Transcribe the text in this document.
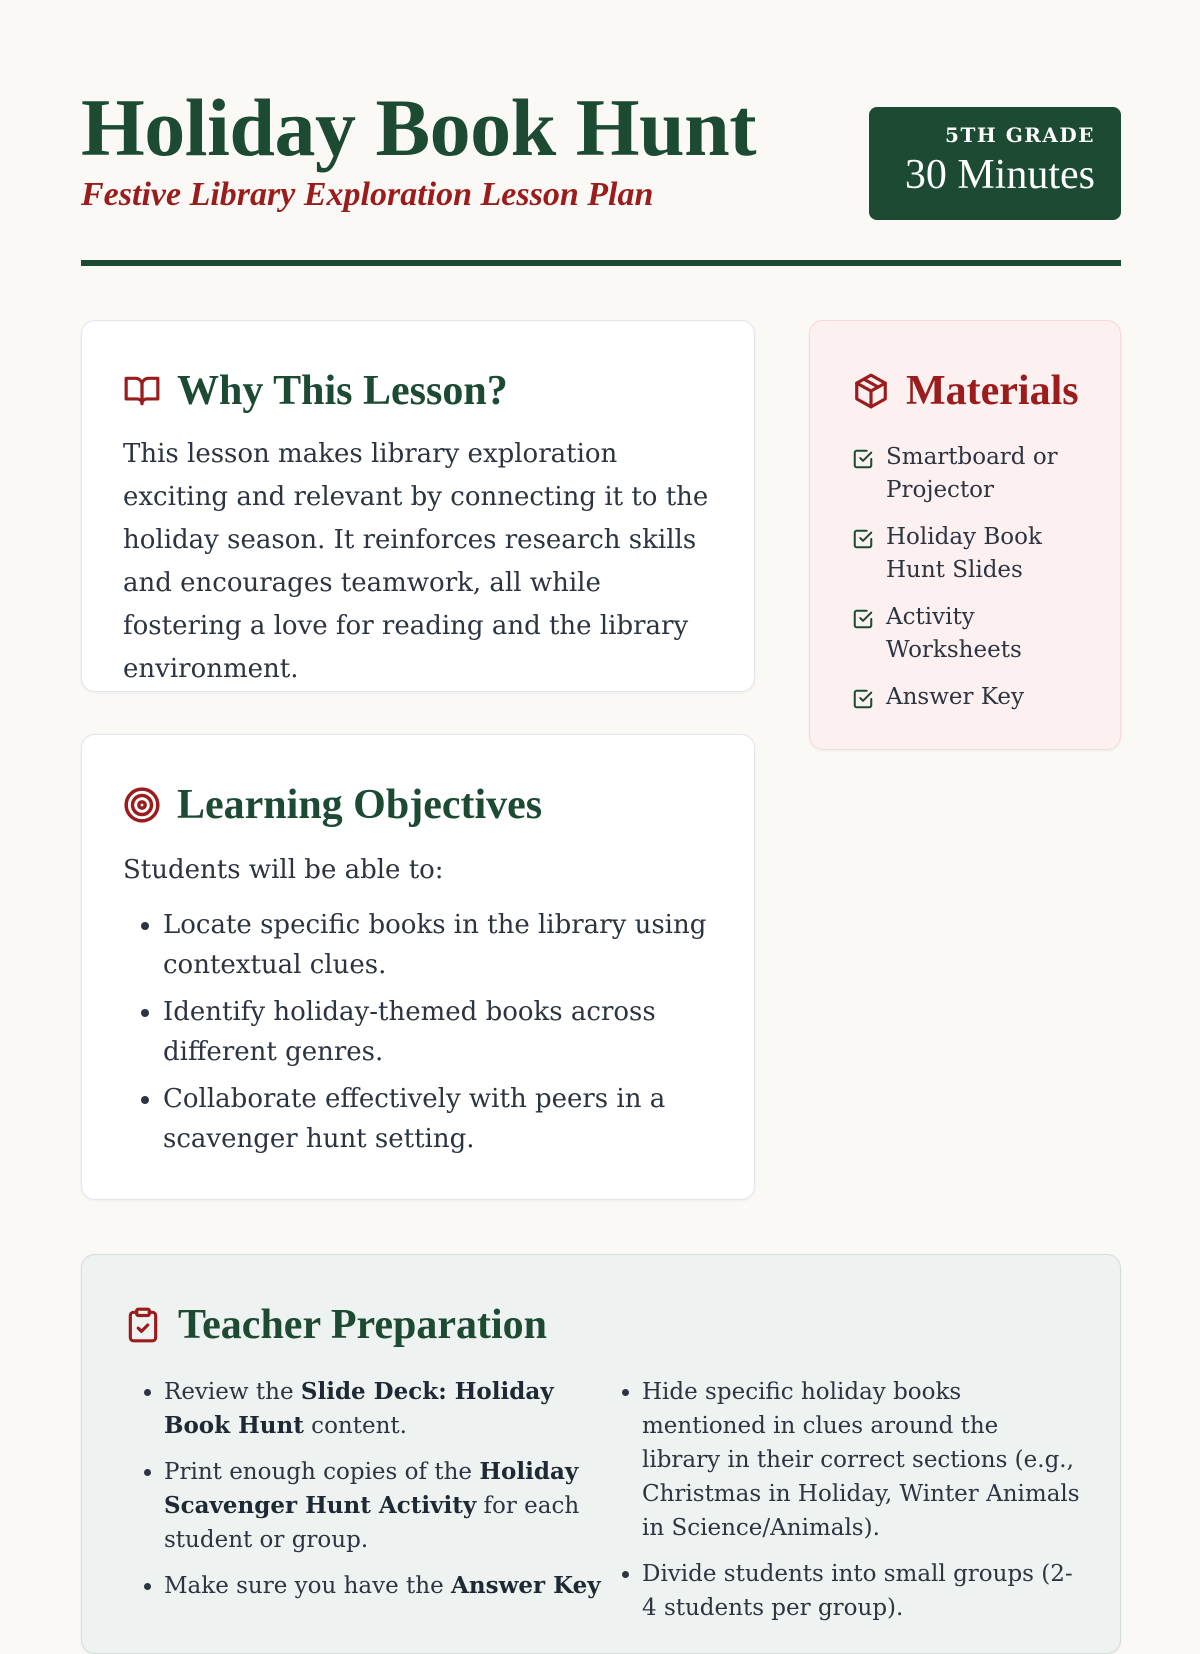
Holiday Book Hunt
Festive Library Exploration Lesson Plan
5TH GRADE
30 Minutes
Why This Lesson?
This lesson makes library exploration exciting and relevant by connecting it to the holiday season. It reinforces research skills and encourages teamwork, all while fostering a love for reading and the library environment.
Materials
Smartboard or Projector
Holiday Book Hunt Slides
Activity Worksheets
Answer Key
Learning Objectives
Students will be able to:
• Locate specific books in the library using contextual clues.
• Identify holiday-themed books across different genres.
• Collaborate effectively with peers in a scavenger hunt setting.
Teacher Preparation
• Review the Slide Deck: Holiday Book Hunt content.
• Print enough copies of the Holiday Scavenger Hunt Activity for each student or group.
• Make sure you have the Answer Key
• Hide specific holiday books mentioned in clues around the library in their correct sections (e.g., Christmas in Holiday, Winter Animals in Science/Animals).
• Divide students into small groups (2-4 students per group).
